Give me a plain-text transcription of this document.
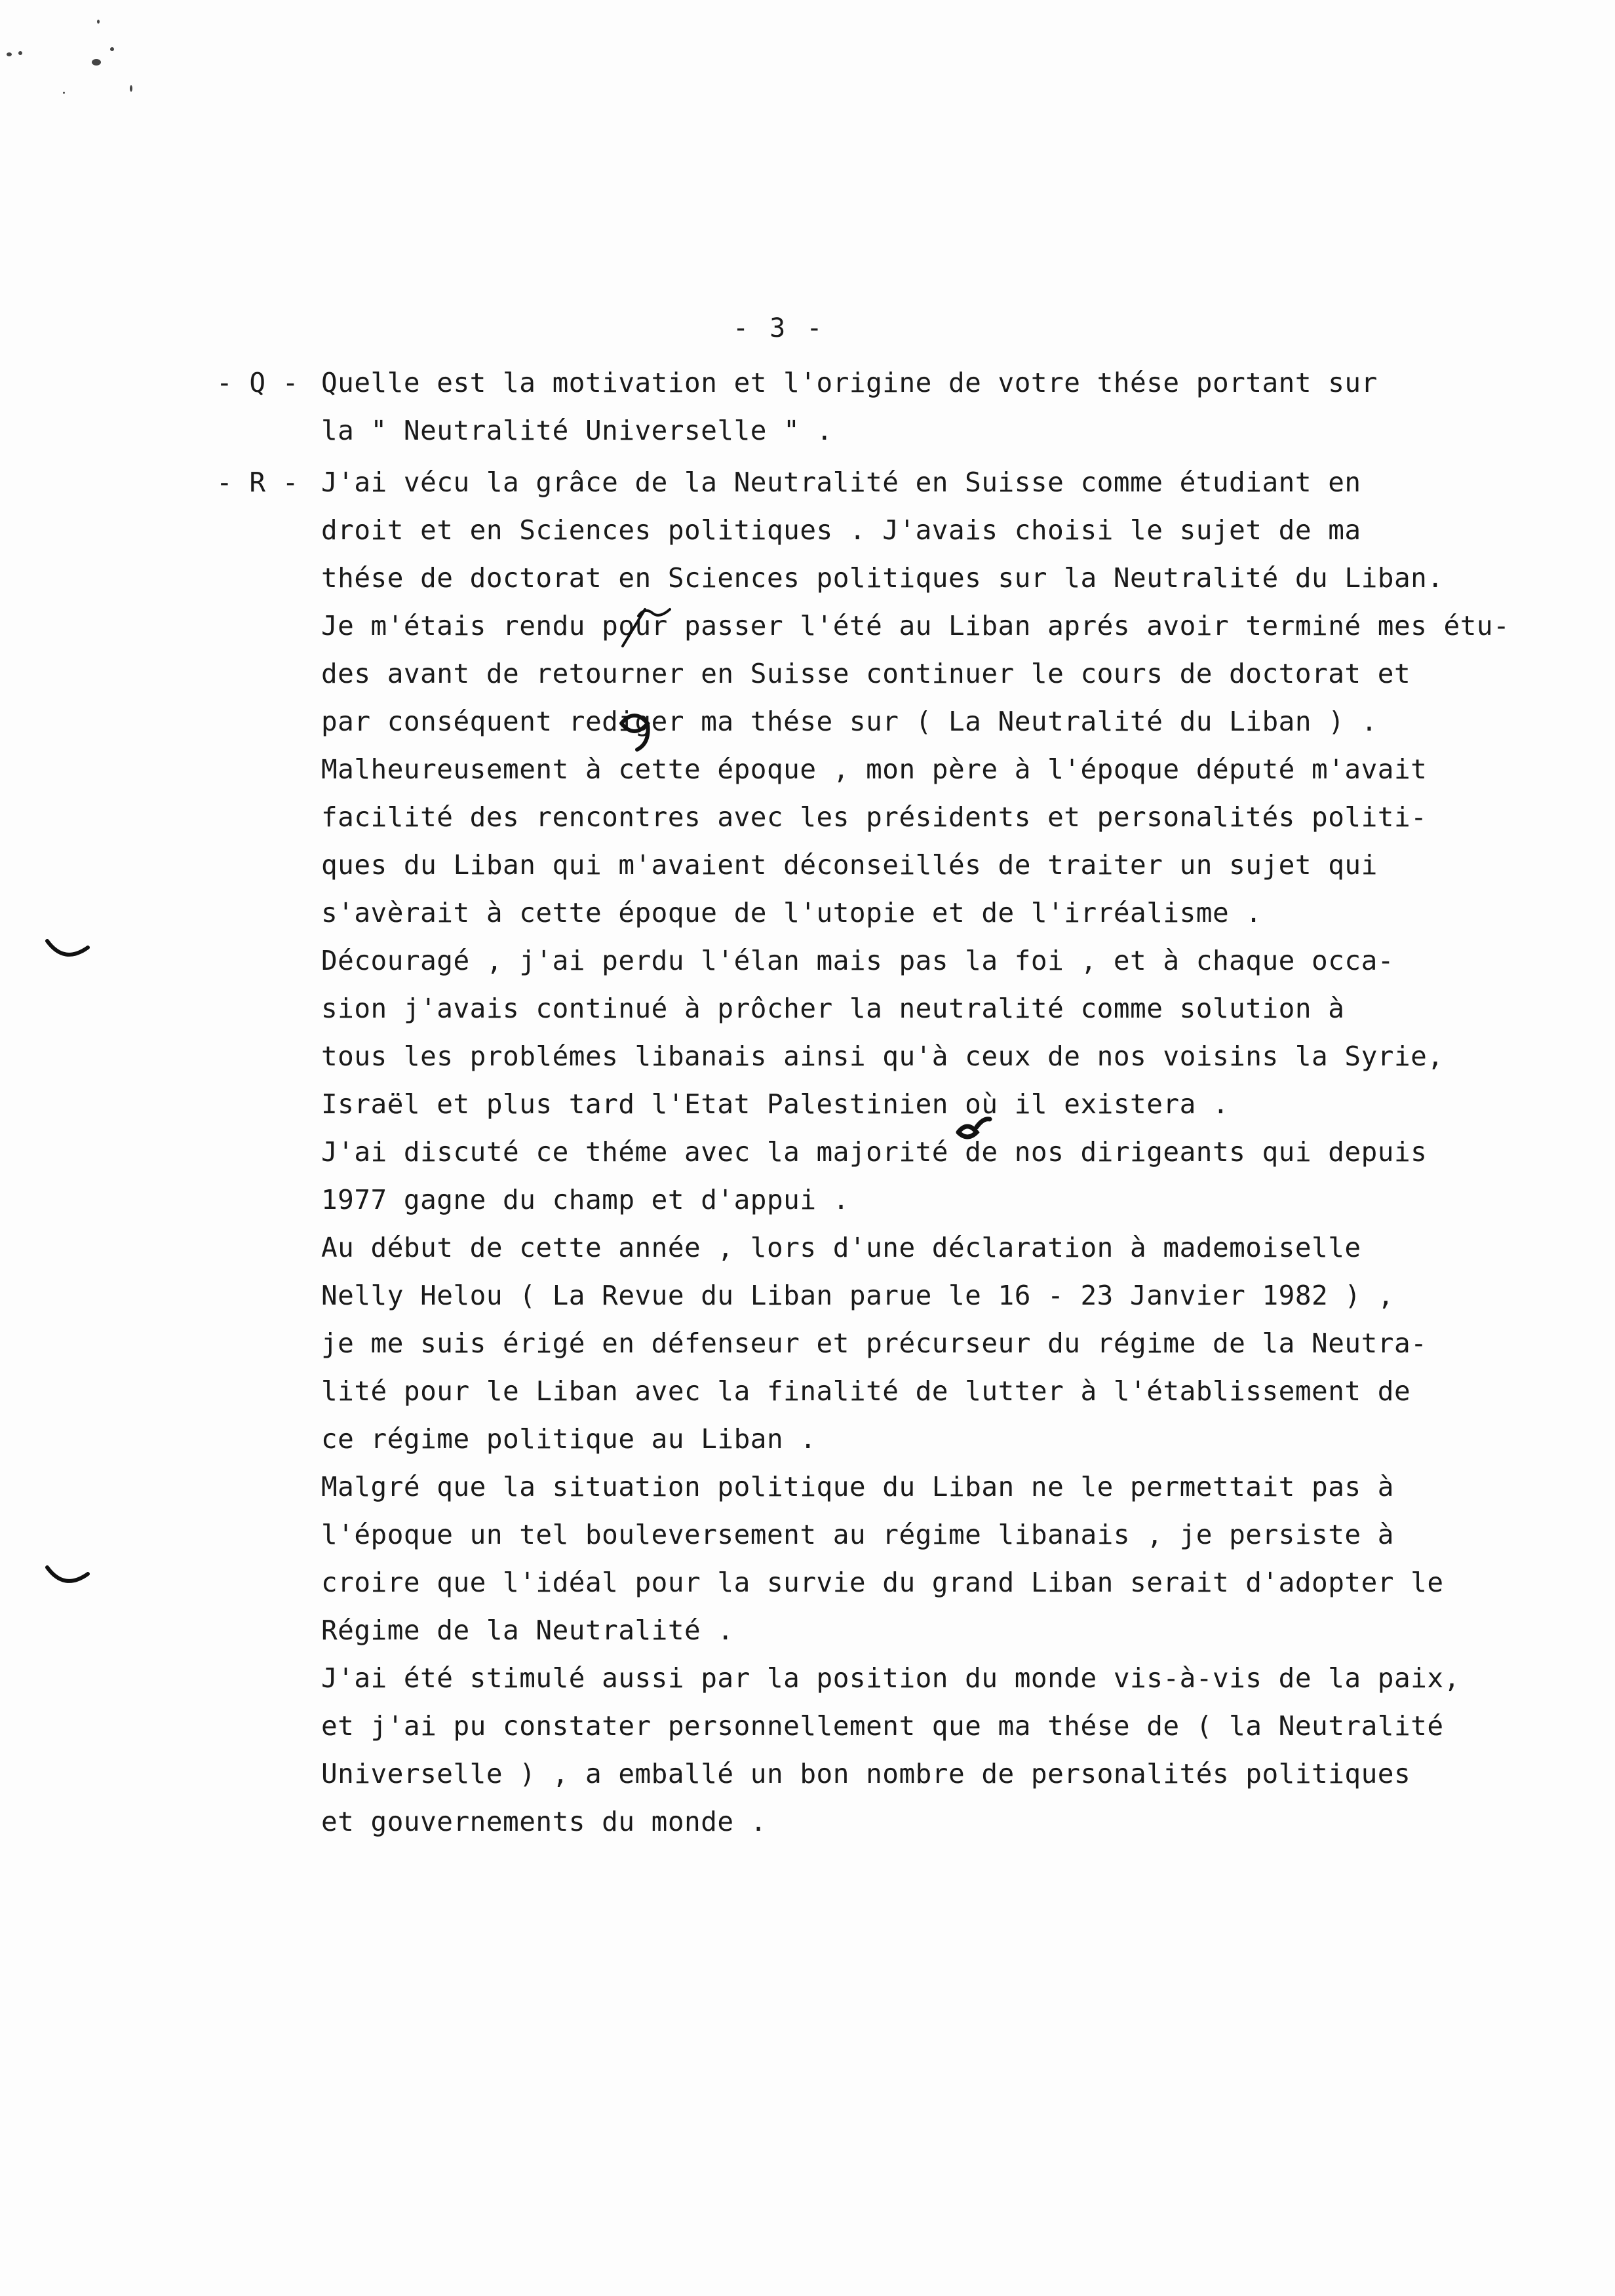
- 3 -
- Q - Quelle est la motivation et l'origine de votre thése portant sur
la " Neutralité Universelle " .
- R - J'ai vécu la grâce de la Neutralité en Suisse comme étudiant en
droit et en Sciences politiques . J'avais choisi le sujet de ma
thése de doctorat en Sciences politiques sur la Neutralité du Liban.
Je m'étais rendu pour passer l'été au Liban aprés avoir terminé mes étu-
des avant de retourner en Suisse continuer le cours de doctorat et
par conséquent rediger ma thése sur ( La Neutralité du Liban ) .
Malheureusement à cette époque , mon père à l'époque député m'avait
facilité des rencontres avec les présidents et personalités politi-
ques du Liban qui m'avaient déconseillés de traiter un sujet qui
s'avèrait à cette époque de l'utopie et de l'irréalisme .
Découragé , j'ai perdu l'élan mais pas la foi , et à chaque occa-
sion j'avais continué à prôcher la neutralité comme solution à
tous les problémes libanais ainsi qu'à ceux de nos voisins la Syrie,
Israël et plus tard l'Etat Palestinien où il existera .
J'ai discuté ce théme avec la majorité de nos dirigeants qui depuis
1977 gagne du champ et d'appui .
Au début de cette année , lors d'une déclaration à mademoiselle
Nelly Helou ( La Revue du Liban parue le 16 - 23 Janvier 1982 ) ,
je me suis érigé en défenseur et précurseur du régime de la Neutra-
lité pour le Liban avec la finalité de lutter à l'établissement de
ce régime politique au Liban .
Malgré que la situation politique du Liban ne le permettait pas à
l'époque un tel bouleversement au régime libanais , je persiste à
croire que l'idéal pour la survie du grand Liban serait d'adopter le
Régime de la Neutralité .
J'ai été stimulé aussi par la position du monde vis-à-vis de la paix,
et j'ai pu constater personnellement que ma thése de ( la Neutralité
Universelle ) , a emballé un bon nombre de personalités politiques
et gouvernements du monde .
